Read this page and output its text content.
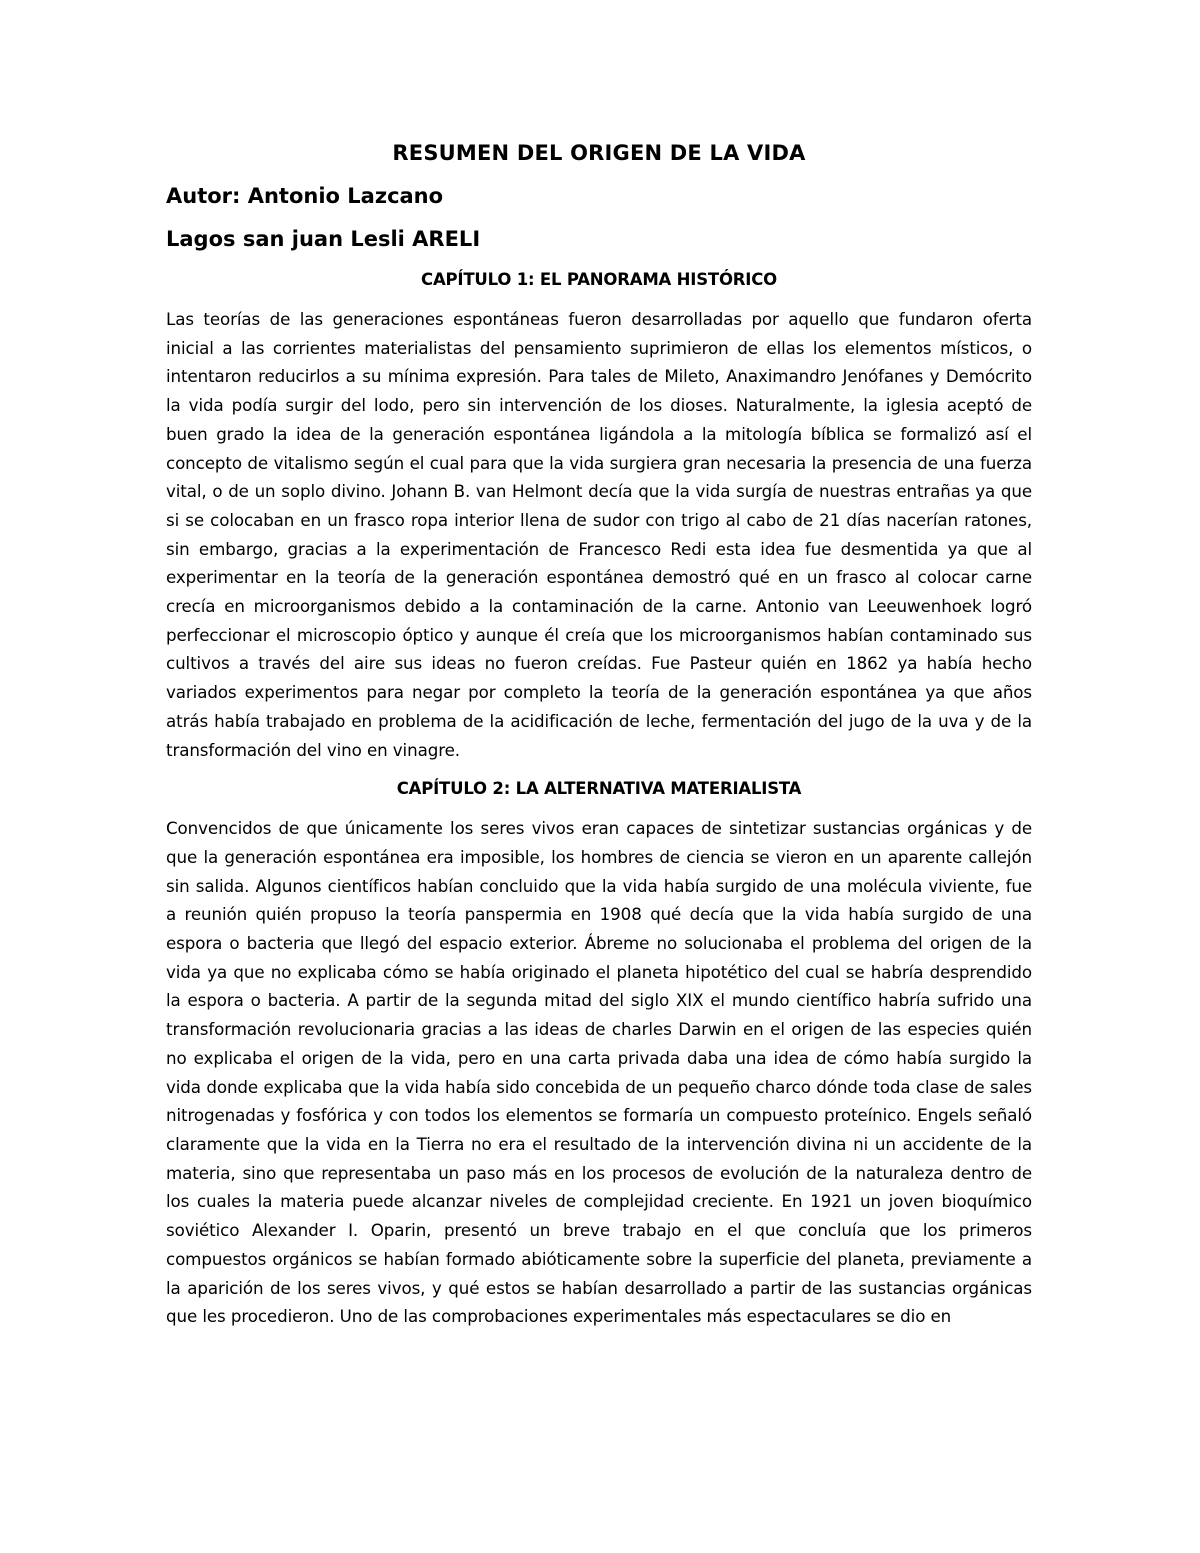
RESUMEN DEL ORIGEN DE LA VIDA
Autor: Antonio Lazcano
Lagos san juan Lesli ARELI
CAPÍTULO 1: EL PANORAMA HISTÓRICO

Las teorías de las generaciones espontáneas fueron desarrolladas por aquello que fundaron oferta inicial a las corrientes materialistas del pensamiento suprimieron de ellas los elementos místicos, o intentaron reducirlos a su mínima expresión. Para tales de Mileto, Anaximandro Jenófanes y Demócrito la vida podía surgir del lodo, pero sin intervención de los dioses. Naturalmente, la iglesia aceptó de buen grado la idea de la generación espontánea ligándola a la mitología bíblica se formalizó así el concepto de vitalismo según el cual para que la vida surgiera gran necesaria la presencia de una fuerza vital, o de un soplo divino. Johann B. van Helmont decía que la vida surgía de nuestras entrañas ya que si se colocaban en un frasco ropa interior llena de sudor con trigo al cabo de 21 días nacerían ratones, sin embargo, gracias a la experimentación de Francesco Redi esta idea fue desmentida ya que al experimentar en la teoría de la generación espontánea demostró qué en un frasco al colocar carne crecía en microorganismos debido a la contaminación de la carne. Antonio van Leeuwenhoek logró perfeccionar el microscopio óptico y aunque él creía que los microorganismos habían contaminado sus cultivos a través del aire sus ideas no fueron creídas. Fue Pasteur quién en 1862 ya había hecho variados experimentos para negar por completo la teoría de la generación espontánea ya que años atrás había trabajado en problema de la acidificación de leche, fermentación del jugo de la uva y de la transformación del vino en vinagre.

CAPÍTULO 2: LA ALTERNATIVA MATERIALISTA

Convencidos de que únicamente los seres vivos eran capaces de sintetizar sustancias orgánicas y de que la generación espontánea era imposible, los hombres de ciencia se vieron en un aparente callejón sin salida. Algunos científicos habían concluido que la vida había surgido de una molécula viviente, fue a reunión quién propuso la teoría panspermia en 1908 qué decía que la vida había surgido de una espora o bacteria que llegó del espacio exterior. Ábreme no solucionaba el problema del origen de la vida ya que no explicaba cómo se había originado el planeta hipotético del cual se habría desprendido la espora o bacteria. A partir de la segunda mitad del siglo XIX el mundo científico habría sufrido una transformación revolucionaria gracias a las ideas de charles Darwin en el origen de las especies quién no explicaba el origen de la vida, pero en una carta privada daba una idea de cómo había surgido la vida donde explicaba que la vida había sido concebida de un pequeño charco dónde toda clase de sales nitrogenadas y fosfórica y con todos los elementos se formaría un compuesto proteínico. Engels señaló claramente que la vida en la Tierra no era el resultado de la intervención divina ni un accidente de la materia, sino que representaba un paso más en los procesos de evolución de la naturaleza dentro de los cuales la materia puede alcanzar niveles de complejidad creciente. En 1921 un joven bioquímico soviético Alexander I. Oparin, presentó un breve trabajo en el que concluía que los primeros compuestos orgánicos se habían formado abióticamente sobre la superficie del planeta, previamente a la aparición de los seres vivos, y qué estos se habían desarrollado a partir de las sustancias orgánicas que les procedieron. Uno de las comprobaciones experimentales más espectaculares se dio en
